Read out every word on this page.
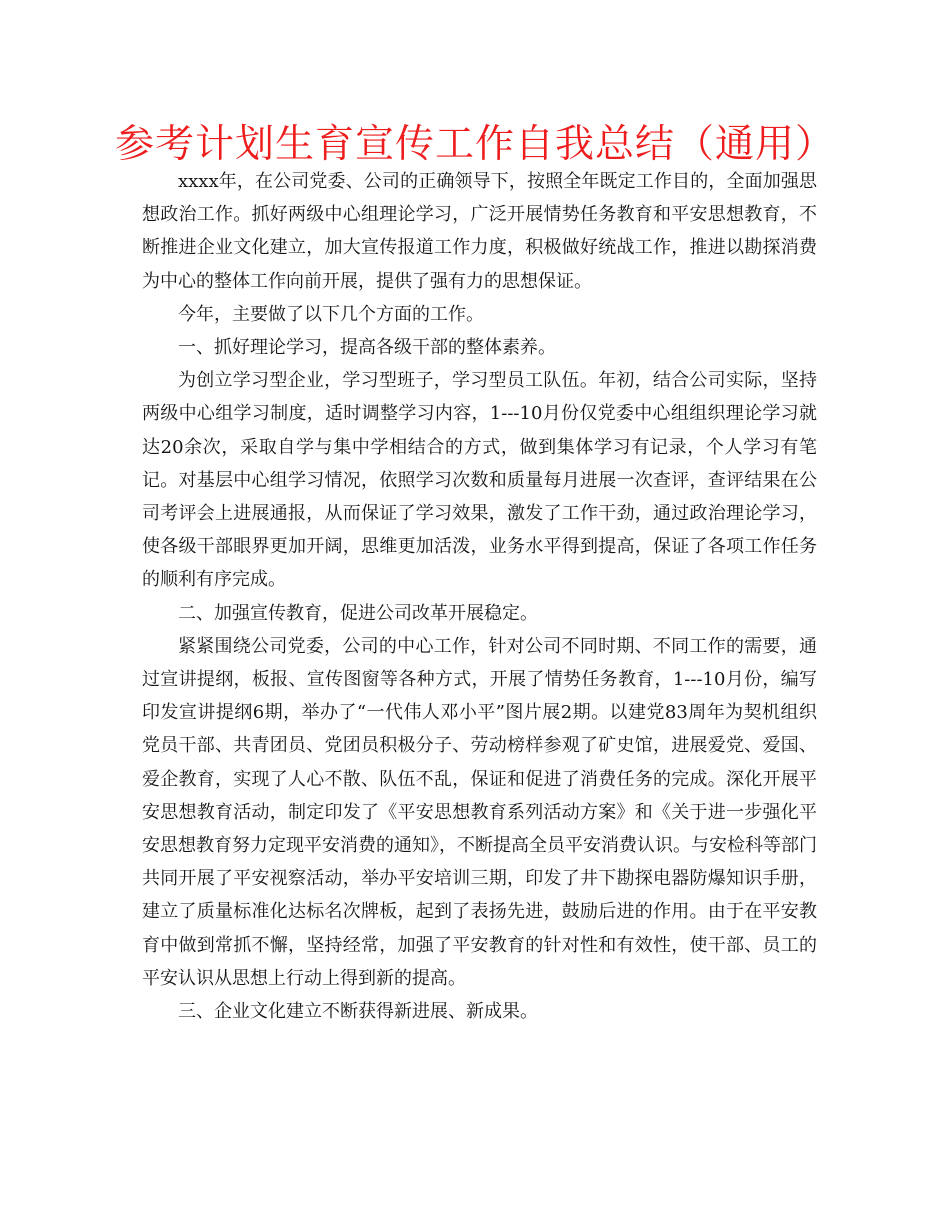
参考计划生育宣传工作自我总结（通用）

xxxx年，在公司党委、公司的正确领导下，按照全年既定工作目的，全面加强思想政治工作。抓好两级中心组理论学习，广泛开展情势任务教育和平安思想教育，不断推进企业文化建立，加大宣传报道工作力度，积极做好统战工作，推进以勘探消费为中心的整体工作向前开展，提供了强有力的思想保证。

今年，主要做了以下几个方面的工作。

一、抓好理论学习，提高各级干部的整体素养。

为创立学习型企业，学习型班子，学习型员工队伍。年初，结合公司实际，坚持两级中心组学习制度，适时调整学习内容，1---10月份仅党委中心组组织理论学习就达20余次，采取自学与集中学相结合的方式，做到集体学习有记录，个人学习有笔记。对基层中心组学习情况，依照学习次数和质量每月进展一次查评，查评结果在公司考评会上进展通报，从而保证了学习效果，激发了工作干劲，通过政治理论学习，使各级干部眼界更加开阔，思维更加活泼，业务水平得到提高，保证了各项工作任务的顺利有序完成。

二、加强宣传教育，促进公司改革开展稳定。

紧紧围绕公司党委，公司的中心工作，针对公司不同时期、不同工作的需要，通过宣讲提纲，板报、宣传图窗等各种方式，开展了情势任务教育，1---10月份，编写印发宣讲提纲6期，举办了“一代伟人邓小平”图片展2期。以建党83周年为契机组织党员干部、共青团员、党团员积极分子、劳动榜样参观了矿史馆，进展爱党、爱国、爱企教育，实现了人心不散、队伍不乱，保证和促进了消费任务的完成。深化开展平安思想教育活动，制定印发了《平安思想教育系列活动方案》和《关于进一步强化平安思想教育努力定现平安消费的通知》，不断提高全员平安消费认识。与安检科等部门共同开展了平安视察活动，举办平安培训三期，印发了井下勘探电器防爆知识手册，建立了质量标准化达标名次牌板，起到了表扬先进，鼓励后进的作用。由于在平安教育中做到常抓不懈，坚持经常，加强了平安教育的针对性和有效性，使干部、员工的平安认识从思想上行动上得到新的提高。

三、企业文化建立不断获得新进展、新成果。
